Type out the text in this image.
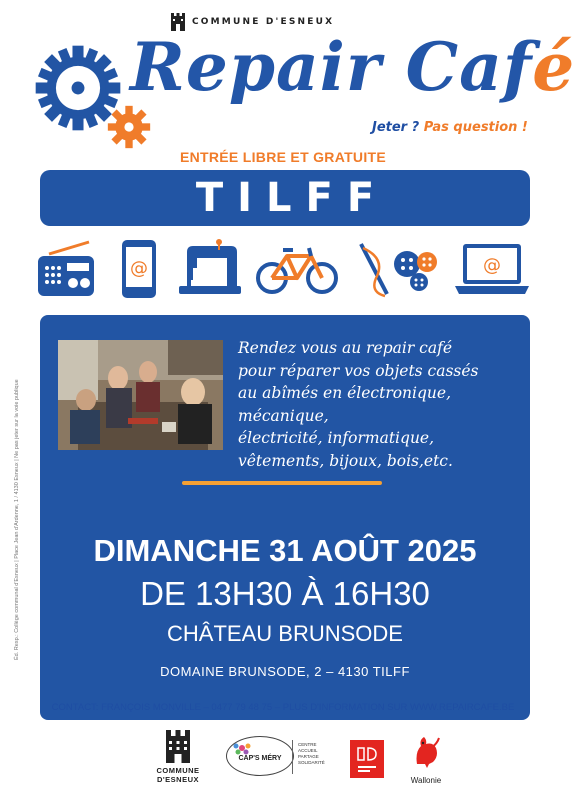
COMMUNE D'ESNEUX
Repair Café
Jeter ? Pas question !
ENTRÉE LIBRE ET GRATUITE
TILFF
@	@
Rendez vous au repair café
pour réparer vos objets cassés
au abîmés en électronique, mécanique,
électricité, informatique,
vêtements, bijoux, bois,etc.
DIMANCHE 31 AOÛT 2025
DE 13H30 À 16H30
CHÂTEAU BRUNSODE
DOMAINE BRUNSODE, 2 – 4130 TILFF
CONTACT: FRANÇOIS MONVILLE – 0477 79 48 75 – PLUS D'INFORMATION SUR WWW.REPAIRCAFE.BE
Éd. Resp.: Collège communal d'Esneux | Place Jean d'Ardenne, 1 / 4130 Esneux | Ne pas jeter sur la voie publique
COMMUNE
D'ESNEUX
CAP'S MÉRY
CENTRE
ACCUEIL
PARTAGE
SOLIDARITÉ
Wallonie
